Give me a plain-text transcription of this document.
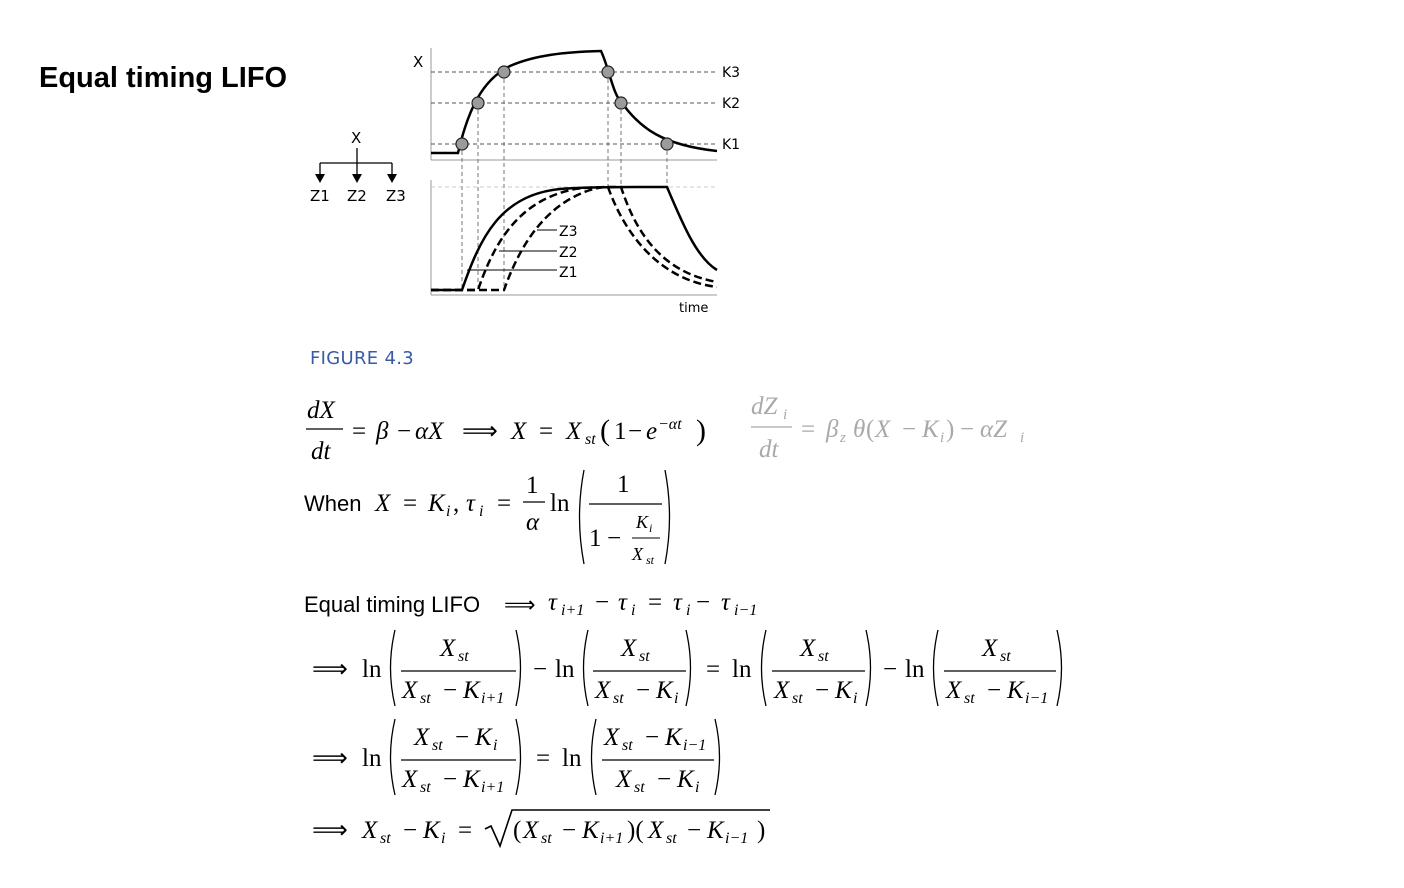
Equal timing LIFO	X
K3
K2
K1
X
Z1 Z2 Z3
time
Z3
Z2
Z1
FIGURE 4.3
dX
dt
= β − αX ⟹ X = X st ( 1 − e −αt )
dZ i
dt
= β z θ ( X − K i ) − αZ i
When X = K i , τ i =
1
α
ln
1
1 −
K i
X st
Equal timing LIFO ⟹ τ i+1 − τ i = τ i − τ i−1
⟹ ln
X st
X st − K i+1
− ln
X st
X st − K i
= ln
X st
X st − K i
− ln
X st
X st − K i−1
⟹ ln
X st − K i
X st − K i+1
= ln
X st − K i−1
X st − K i
⟹ X st − K i = ( X st − K i+1 )( X st − K i−1 )
